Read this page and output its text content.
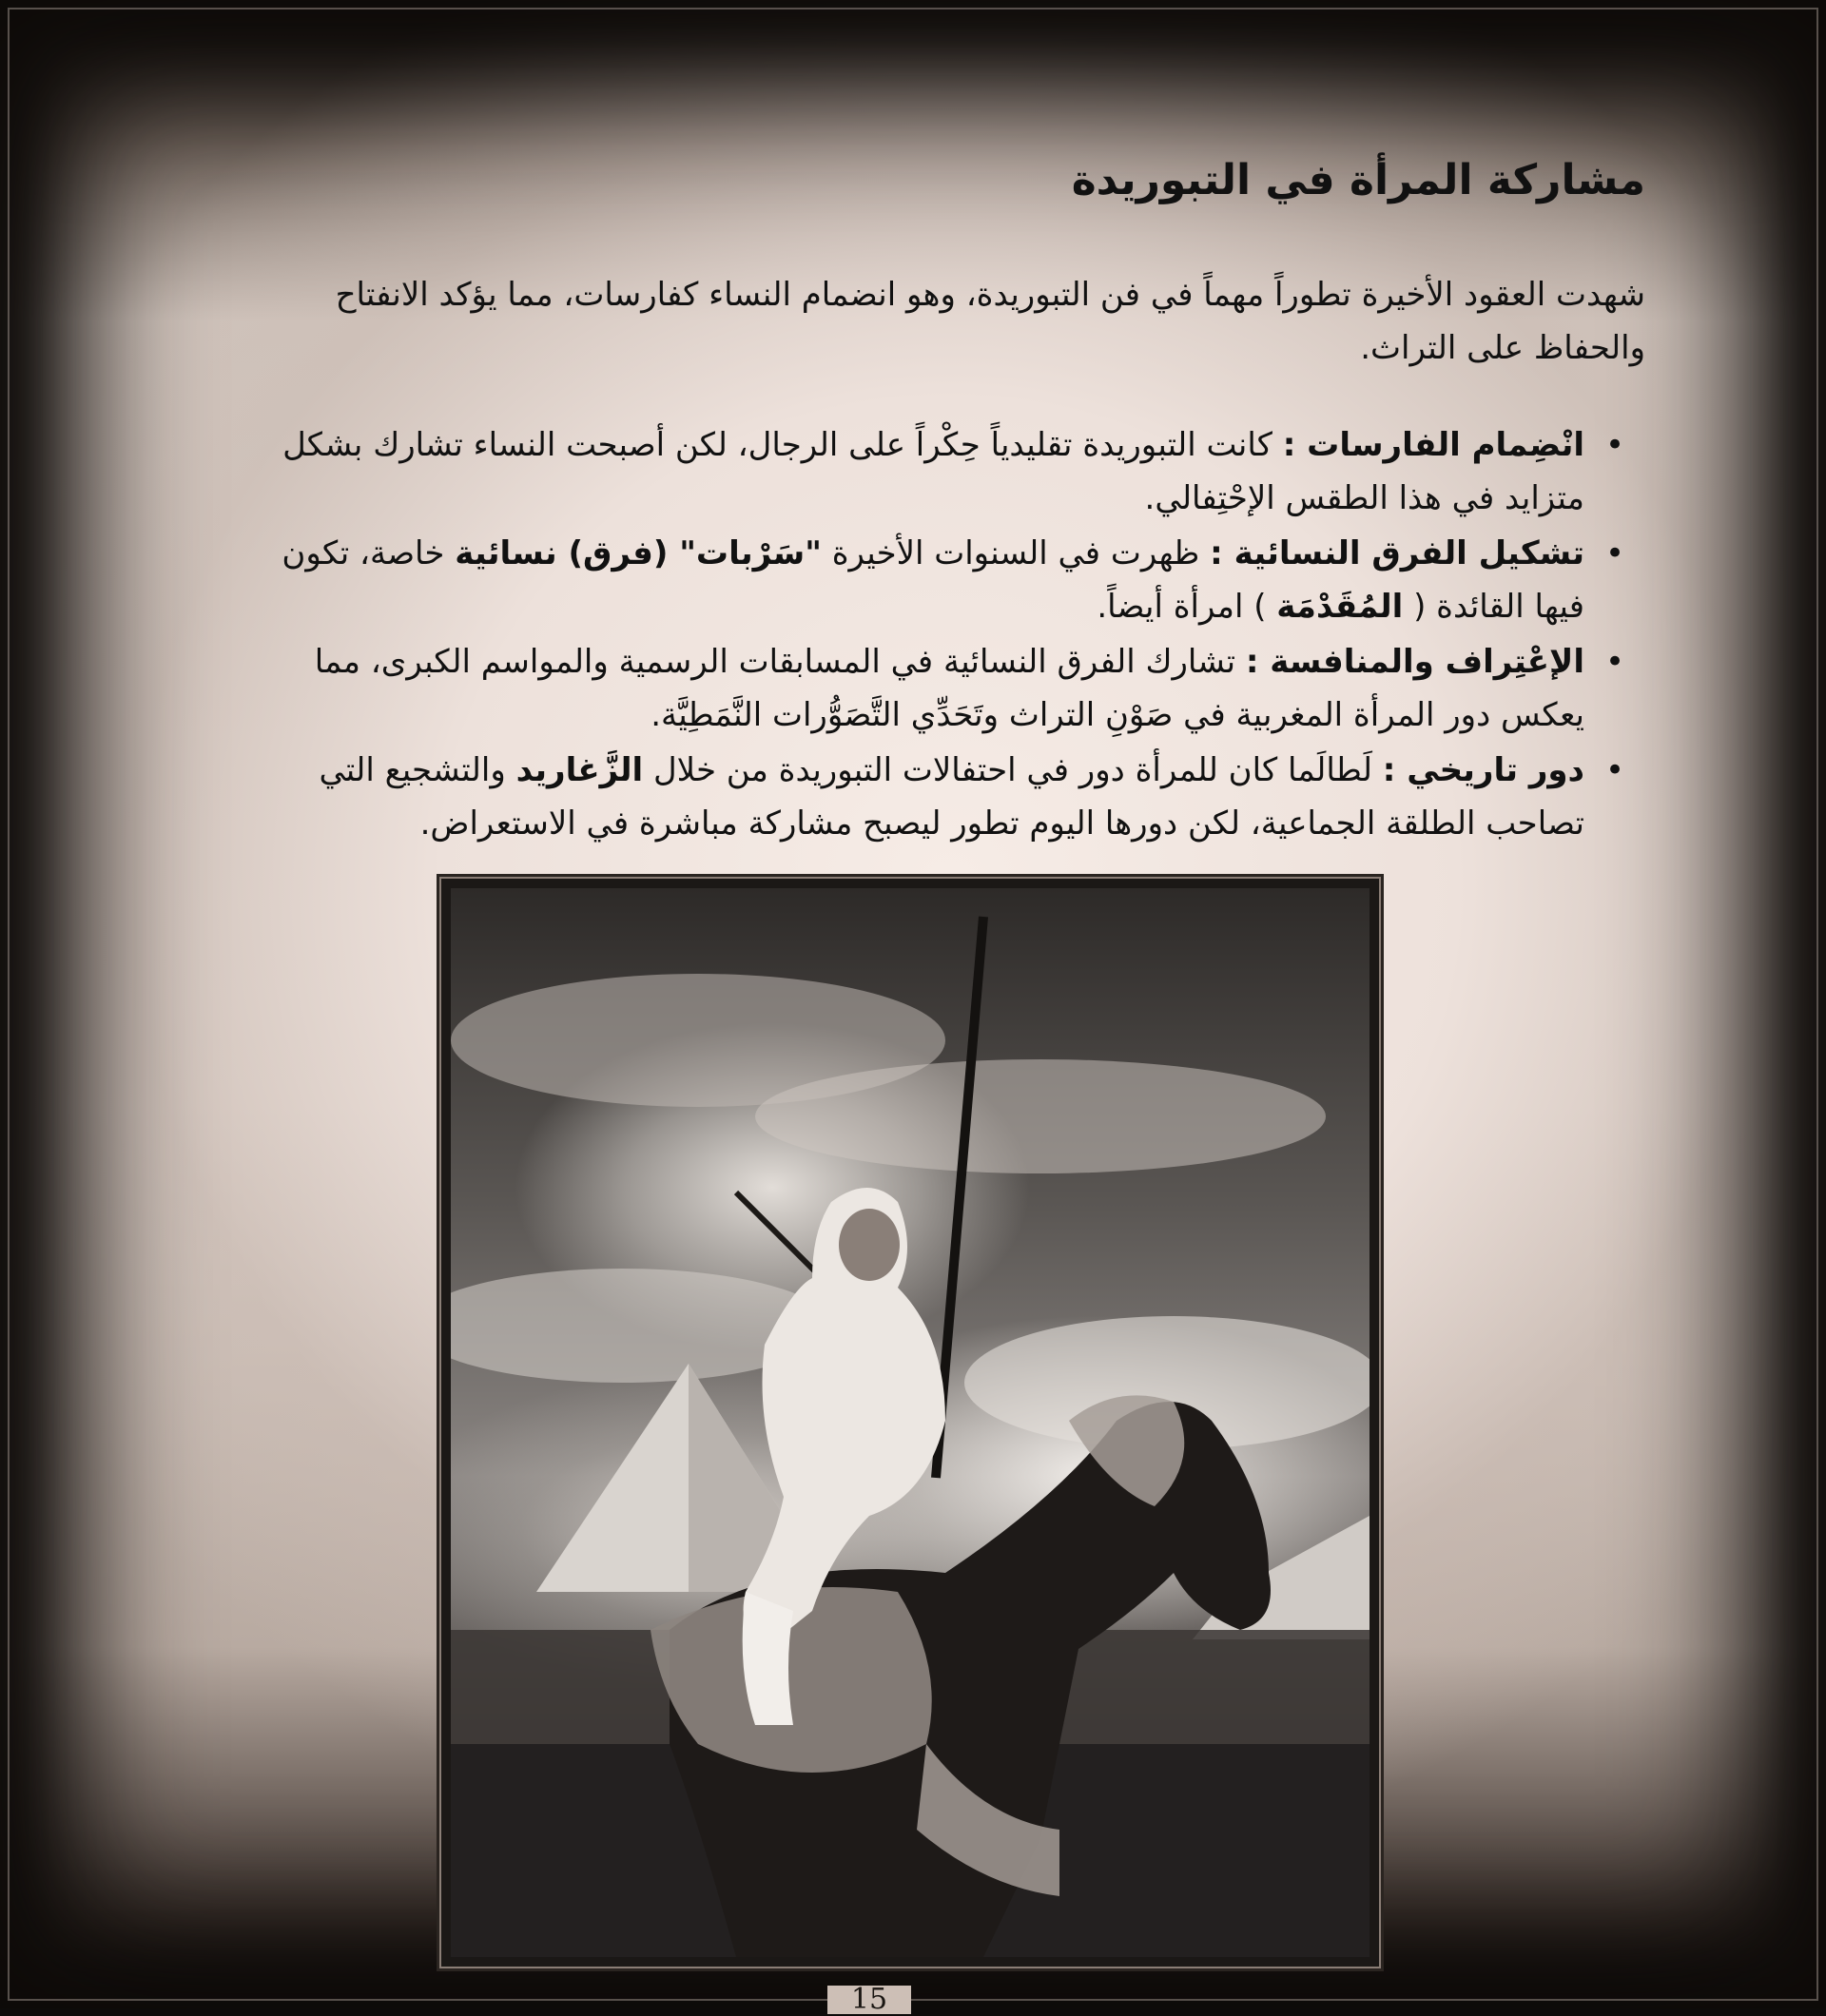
مشاركة المرأة في التبوريدة

شهدت العقود الأخيرة تطوراً مهماً في فن التبوريدة، وهو انضمام النساء كفارسات، مما يؤكد الانفتاح والحفاظ على التراث.

•
انْضِمام الفارسات : كانت التبوريدة تقليدياً حِكْراً على الرجال، لكن أصبحت النساء تشارك بشكل متزايد في هذا الطقس الإحْتِفالي.
•
تشكيل الفرق النسائية : ظهرت في السنوات الأخيرة "سَرْبات" (فرق) نسائية خاصة، تكون فيها القائدة ( المُقَدْمَة ) امرأة أيضاً.
•
الإعْتِراف والمنافسة : تشارك الفرق النسائية في المسابقات الرسمية والمواسم الكبرى، مما يعكس دور المرأة المغربية في صَوْنِ التراث وتَحَدِّي التَّصَوُّرات النَّمَطِيَّة.
•
دور تاريخي : لَطالَما كان للمرأة دور في احتفالات التبوريدة من خلال الزَّغاريد والتشجيع التي تصاحب الطلقة الجماعية، لكن دورها اليوم تطور ليصبح مشاركة مباشرة في الاستعراض.
15
